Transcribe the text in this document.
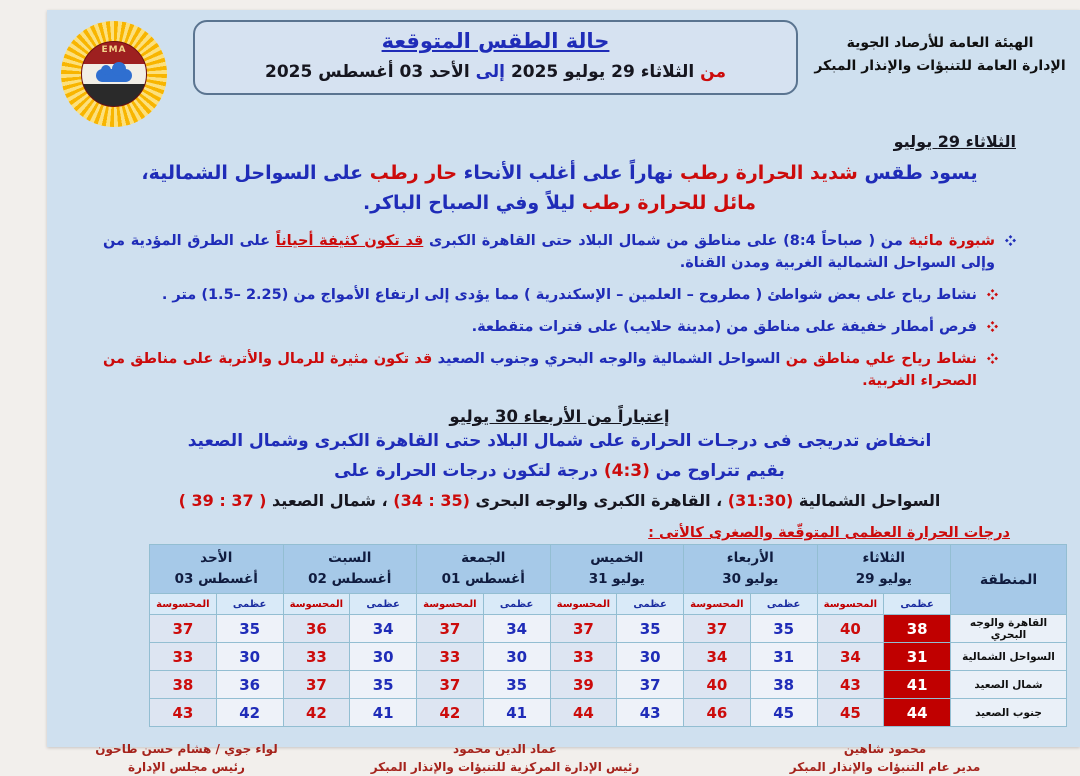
الهيئة العامة للأرصاد الجوية
الإدارة العامة للتنبؤات والإنذار المبكر
حالة الطقس المتوقعة
من الثلاثاء 29 يوليو 2025 إلى الأحد 03 أغسطس 2025
EMA
الثلاثاء 29 يوليو
يسود طقس شديد الحرارة رطب نهاراً على أغلب الأنحاء حار رطب على السواحل الشمالية،
مائل للحرارة رطب ليلاً وفي الصباح الباكر.

شبورة مائية من (8:4 صباحاً ) على مناطق من شمال البلاد حتى القاهرة الكبرى قد تكون كثيفة أحياناً على الطرق المؤدية من وإلى السواحل الشمالية الغربية ومدن القناة.

نشاط رياح على بعض شواطئ ( مطروح – العلمين – الإسكندرية ) مما يؤدى إلى ارتفاع الأمواج من (1.5– 2.25) متر .

فرص أمطار خفيفة على مناطق من (مدينة حلايب) على فترات متقطعة.

نشاط رياح علي مناطق من السواحل الشمالية والوجه البحري وجنوب الصعيد قد تكون مثيرة للرمال والأتربة على مناطق من الصحراء الغربية.

إعتباراً من الأربعاء 30 يوليو
انخفاض تدريجى فى درجـات الحرارة على شمال البلاد حتى القاهرة الكبرى وشمال الصعيد
بقيم تتراوح من (4:3) درجة لتكون درجات الحرارة على
السواحل الشمالية (31:30) ، القاهرة الكبرى والوجه البحرى (34 : 35) ، شمال الصعيد ( 39 : 37 )
درجات الحرارة العظمى المتوقّعة والصغرى كالأتى :
المنطقة	
الثلاثاء
29 يوليو

الأربعاء
30 يوليو

الخميس
31 يوليو

الجمعة
01 أغسطس

السبت
02 أغسطس

الأحد
03 أغسطس

	عظمى	المحسوسة	عظمى	المحسوسة	عظمى	المحسوسة	عظمى	المحسوسة	عظمى	المحسوسة	عظمى	المحسوسة
القاهرة والوجه البحري	38	40	35	37	35	37	34	37	34	36	35	37
السواحل الشمالية	31	34	31	34	30	33	30	33	30	33	30	33
شمال الصعيد	41	43	38	40	37	39	35	37	35	37	36	38
جنوب الصعيد	44	45	45	46	43	44	41	42	41	42	42	43
محمود شاهين
مدير عام التنبؤات والإنذار المبكر
عماد الدين محمود
رئيس الإدارة المركزية للتنبؤات والإنذار المبكر
لواء جوي / هشام حسن طاحون
رئيس مجلس الإدارة
